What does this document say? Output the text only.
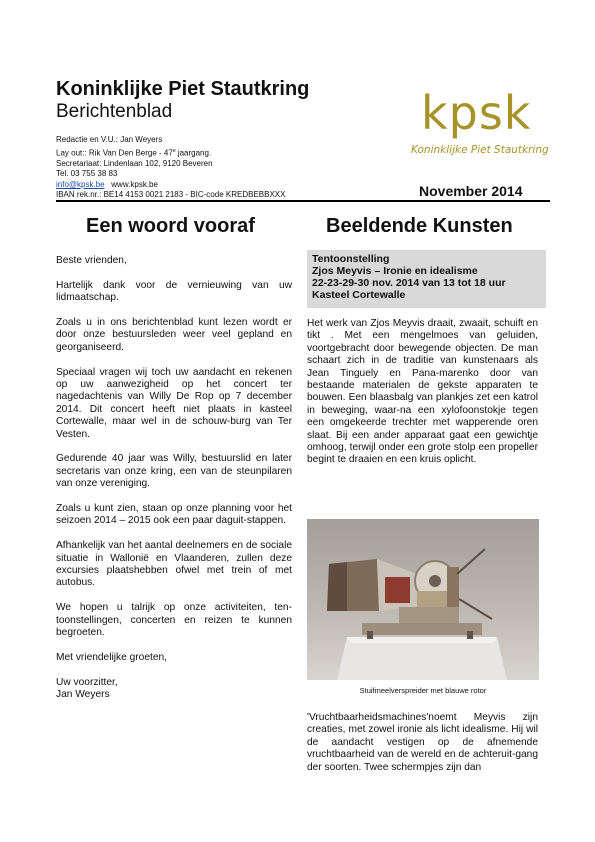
Koninklijke Piet Stautkring
Berichtenblad
Redactie en V.U.: Jan Weyers
Lay out:: Rik Van Den Berge - 47e jaargang.
Secretariaat: Lindenlaan 102, 9120 Beveren
Tel. 03 755 38 83
info@kpsk.be www.kpsk.be
IBAN rek.nr.: BE14 4153 0021 2183 - BIC-code KREDBEBBXXX
kpsk
Koninklijke Piet Stautkring
November 2014
Een woord vooraf	Beeldende Kunsten

Beste vrienden,

Hartelijk dank voor de vernieuwing van uw lidmaatschap.

Zoals u in ons berichtenblad kunt lezen wordt er door onze bestuursleden weer veel gepland en georganiseerd.

Speciaal vragen wij toch uw aandacht en rekenen op uw aanwezigheid op het concert ter nagedachtenis van Willy De Rop op 7 december 2014. Dit concert heeft niet plaats in kasteel Cortewalle, maar wel in de schouw-burg van Ter Vesten.

Gedurende 40 jaar was Willy, bestuurslid en later secretaris van onze kring, een van de steunpilaren van onze vereniging.

Zoals u kunt zien, staan op onze planning voor het seizoen 2014 – 2015 ook een paar daguit-stappen.

Afhankelijk van het aantal deelnemers en de sociale situatie in Wallonië en Vlaanderen, zullen deze excursies plaatshebben ofwel met trein of met autobus.

We hopen u talrijk op onze activiteiten, ten-toonstellingen, concerten en reizen te kunnen begroeten.

Met vriendelijke groeten,

Uw voorzitter,
Jan Weyers
Tentoonstelling
Zjos Meyvis – Ironie en idealisme
22-23-29-30 nov. 2014 van 13 tot 18 uur
Kasteel Cortewalle
Het werk van Zjos Meyvis draait, zwaait, schuift en tikt . Met een mengelmoes van geluiden, voortgebracht door bewegende objecten. De man schaart zich in de traditie van kunstenaars als Jean Tinguely en Pana-marenko door van bestaande materialen de gekste apparaten te bouwen. Een blaasbalg van plankjes zet een katrol in beweging, waar-na een xylofoonstokje tegen een omgekeerde trechter met wapperende oren slaat. Bij een ander apparaat gaat een gewichtje omhoog, terwijl onder een grote stolp een propeller begint te draaien en een kruis oplicht.
Stuifmeelverspreider met blauwe rotor
'Vruchtbaarheidsmachines'noemt Meyvis zijn creaties, met zowel ironie als licht idealisme. Hij wil de aandacht vestigen op de afnemende vruchtbaarheid van de wereld en de achteruit-gang der soorten. Twee schermpjes zijn dan
